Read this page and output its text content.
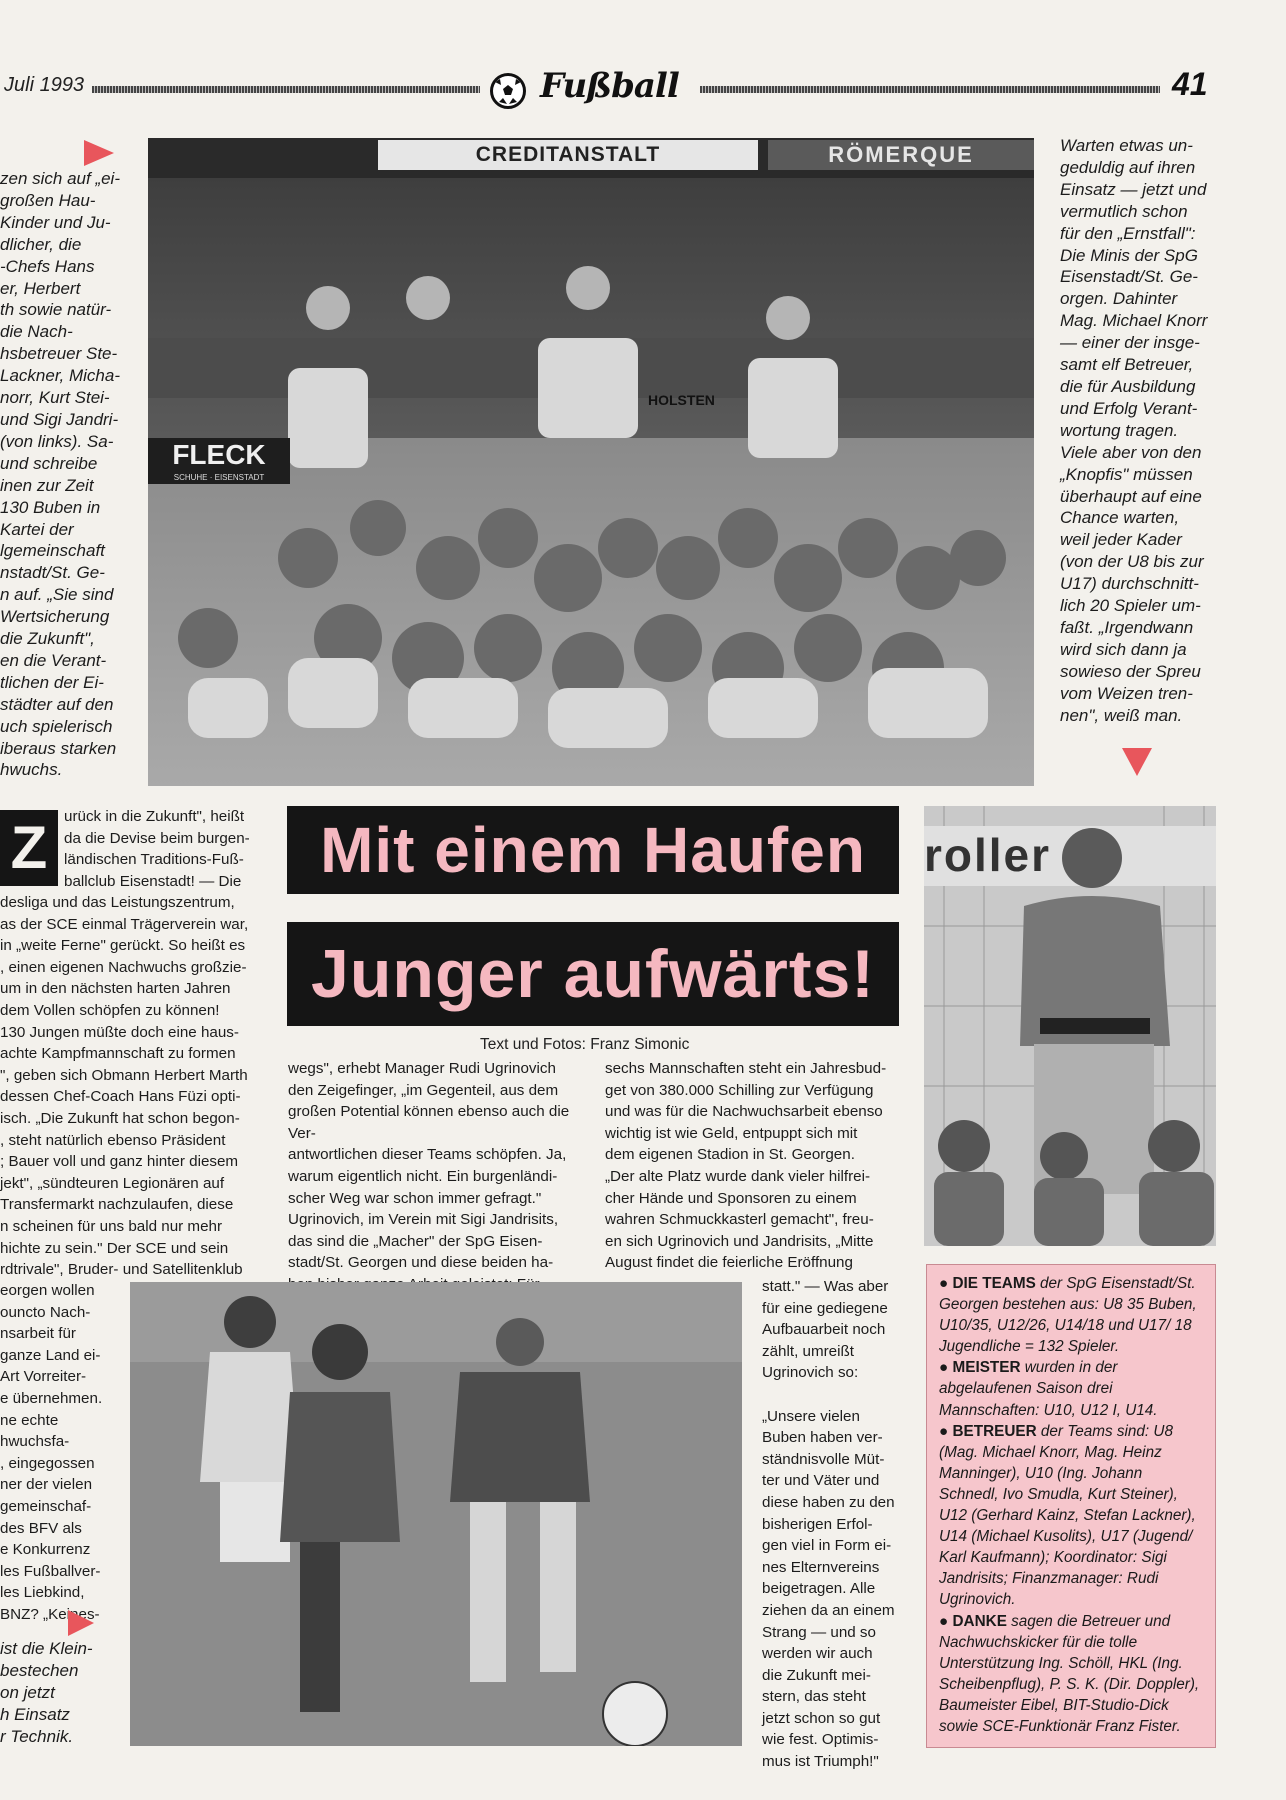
Juli 1993	Fußball	41
zen sich auf „ei-
großen Hau-
Kinder und Ju-
dlicher, die
-Chefs Hans
er, Herbert
th sowie natür-
die Nach-
hsbetreuer Ste-
Lackner, Micha-
norr, Kurt Stei-
und Sigi Jandri-
(von links). Sa-
und schreibe
inen zur Zeit
130 Buben in
Kartei der
lgemeinschaft
nstadt/St. Ge-
n auf. „Sie sind
Wertsicherung
die Zukunft",
en die Verant-
tlichen der Ei-
städter auf den
uch spielerisch
iberaus starken
hwuchs.
CREDITANSTALT	RÖMERQUE
FLECK
SCHUHE · EISENSTADT
HOLSTEN
Warten etwas un-
geduldig auf ihren
Einsatz — jetzt und
vermutlich schon
für den „Ernstfall":
Die Minis der SpG
Eisenstadt/St. Ge-
orgen. Dahinter
Mag. Michael Knorr
— einer der insge-
samt elf Betreuer,
die für Ausbildung
und Erfolg Verant-
wortung tragen.
Viele aber von den
„Knopfis" müssen
überhaupt auf eine
Chance warten,
weil jeder Kader
(von der U8 bis zur
U17) durchschnitt-
lich 20 Spieler um-
faßt. „Irgendwann
wird sich dann ja
sowieso der Spreu
vom Weizen tren-
nen", weiß man.
Z	urück in die Zukunft", heißt
da die Devise beim burgen-
ländischen Traditions-Fuß-
ballclub Eisenstadt! — Die
desliga und das Leistungszentrum,
as der SCE einmal Trägerverein war,
in „weite Ferne" gerückt. So heißt es
, einen eigenen Nachwuchs großzie-
um in den nächsten harten Jahren
dem Vollen schöpfen zu können!
130 Jungen müßte doch eine haus-
achte Kampfmannschaft zu formen
", geben sich Obmann Herbert Marth
dessen Chef-Coach Hans Füzi opti-
isch. „Die Zukunft hat schon begon-
, steht natürlich ebenso Präsident
; Bauer voll und ganz hinter diesem
jekt", „sündteuren Legionären auf
Transfermarkt nachzulaufen, diese
n scheinen für uns bald nur mehr
hichte zu sein." Der SCE und sein
rdtrivale", Bruder- und Satellitenklub
eorgen wollen
ouncto Nach-
nsarbeit für
ganze Land ei-
Art Vorreiter-
e übernehmen.
ne echte
hwuchsfa-
, eingegossen
ner der vielen
gemeinschaf-
des BFV als
e Konkurrenz
les Fußballver-
les Liebkind,
BNZ? „Keines-
ist die Klein-
bestechen
on jetzt
h Einsatz
r Technik.
Mit einem Haufen
Junger aufwärts!
Text und Fotos: Franz Simonic
wegs", erhebt Manager Rudi Ugrinovich
den Zeigefinger, „im Gegenteil, aus dem
großen Potential können ebenso auch die Ver-
antwortlichen dieser Teams schöpfen. Ja,
warum eigentlich nicht. Ein burgenländi-
scher Weg war schon immer gefragt."
Ugrinovich, im Verein mit Sigi Jandrisits,
das sind die „Macher" der SpG Eisen-
stadt/St. Georgen und diese beiden ha-

sechs Mannschaften steht ein Jahresbud-
get von 380.000 Schilling zur Verfügung
und was für die Nachwuchsarbeit ebenso
wichtig ist wie Geld, entpuppt sich mit
dem eigenen Stadion in St. Georgen.
„Der alte Platz wurde dank vieler hilfrei-
cher Hände und Sponsoren zu einem
wahren Schmuckkasterl gemacht", freu-
en sich Ugrinovich und Jandrisits, „Mitte
August findet die feierliche Eröffnung
statt." — Was aber
für eine gediegene
Aufbauarbeit noch
zählt, umreißt
Ugrinovich so:

„Unsere vielen
Buben haben ver-
ständnisvolle Müt-
ter und Väter und
diese haben zu den
bisherigen Erfol-
gen viel in Form ei-
nes Elternvereins
beigetragen. Alle
ziehen da an einem
Strang — und so
werden wir auch
die Zukunft mei-
stern, das steht
jetzt schon so gut
wie fest. Optimis-
mus ist Triumph!"
roller

● DIE TEAMS der SpG Eisenstadt/St. Georgen bestehen aus: U8 35 Buben, U10/35, U12/26, U14/18 und U17/ 18 Jugendliche = 132 Spieler.

● MEISTER wurden in der abgelaufenen Saison drei Mannschaften: U10, U12 I, U14.

● BETREUER der Teams sind: U8 (Mag. Michael Knorr, Mag. Heinz Manninger), U10 (Ing. Johann Schnedl, Ivo Smudla, Kurt Steiner), U12 (Gerhard Kainz, Stefan Lackner), U14 (Michael Kusolits), U17 (Jugend/ Karl Kaufmann); Koordinator: Sigi Jandrisits; Finanzmanager: Rudi Ugrinovich.

● DANKE sagen die Betreuer und Nachwuchskicker für die tolle Unterstützung Ing. Schöll, HKL (Ing. Scheibenpflug), P. S. K. (Dir. Doppler), Baumeister Eibel, BIT-Studio-Dick sowie SCE-Funktionär Franz Fister.
